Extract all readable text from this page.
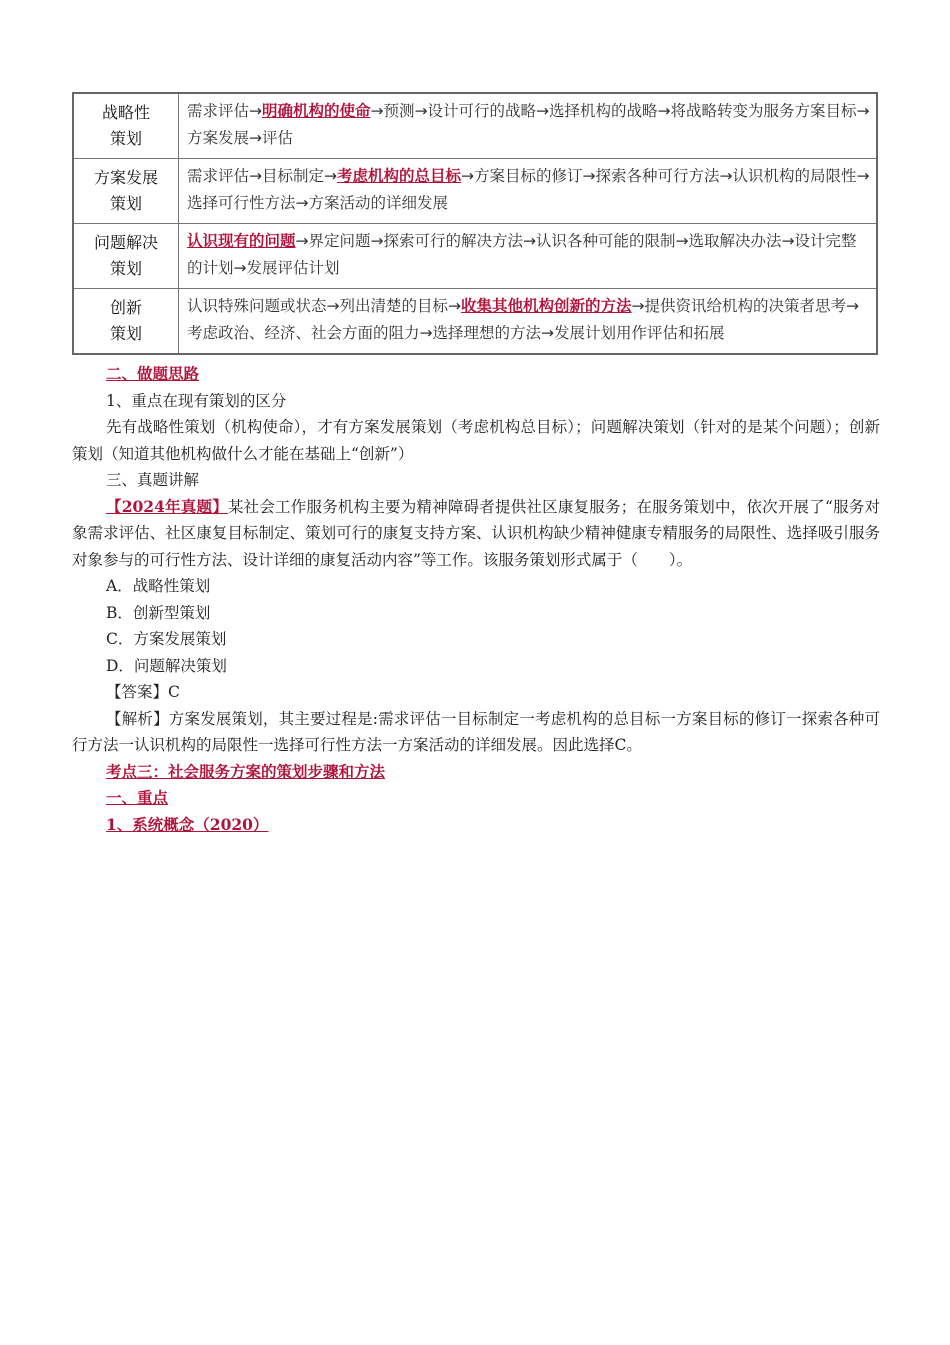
战略性
策划	需求评估→明确机构的使命→预测→设计可行的战略→选择机构的战略→将战略转变为服务方案目标→方案发展→评估

方案发展
策划	需求评估→目标制定→考虑机构的总目标→方案目标的修订→探索各种可行方法→认识机构的局限性→选择可行性方法→方案活动的详细发展

问题解决
策划	认识现有的问题→界定问题→探索可行的解决方法→认识各种可能的限制→选取解决办法→设计完整的计划→发展评估计划

创新
策划	认识特殊问题或状态→列出清楚的目标→收集其他机构创新的方法→提供资讯给机构的决策者思考→考虑政治、经济、社会方面的阻力→选择理想的方法→发展计划用作评估和拓展
二、做题思路
1、重点在现有策划的区分
先有战略性策划（机构使命），才有方案发展策划（考虑机构总目标）；问题解决策划（针对的是某个问题）；创新策划（知道其他机构做什么才能在基础上“创新”）
三、真题讲解
【2024年真题】某社会工作服务机构主要为精神障碍者提供社区康复服务；在服务策划中，依次开展了“服务对象需求评估、社区康复目标制定、策划可行的康复支持方案、认识机构缺少精神健康专精服务的局限性、选择吸引服务对象参与的可行性方法、设计详细的康复活动内容”等工作。该服务策划形式属于（　　）。
A．战略性策划
B．创新型策划
C．方案发展策划
D．问题解决策划
【答案】C
【解析】方案发展策划，其主要过程是:需求评估一目标制定一考虑机构的总目标一方案目标的修订一探索各种可行方法一认识机构的局限性一选择可行性方法一方案活动的详细发展。因此选择C。
考点三：社会服务方案的策划步骤和方法
一、重点
1、系统概念（2020）
